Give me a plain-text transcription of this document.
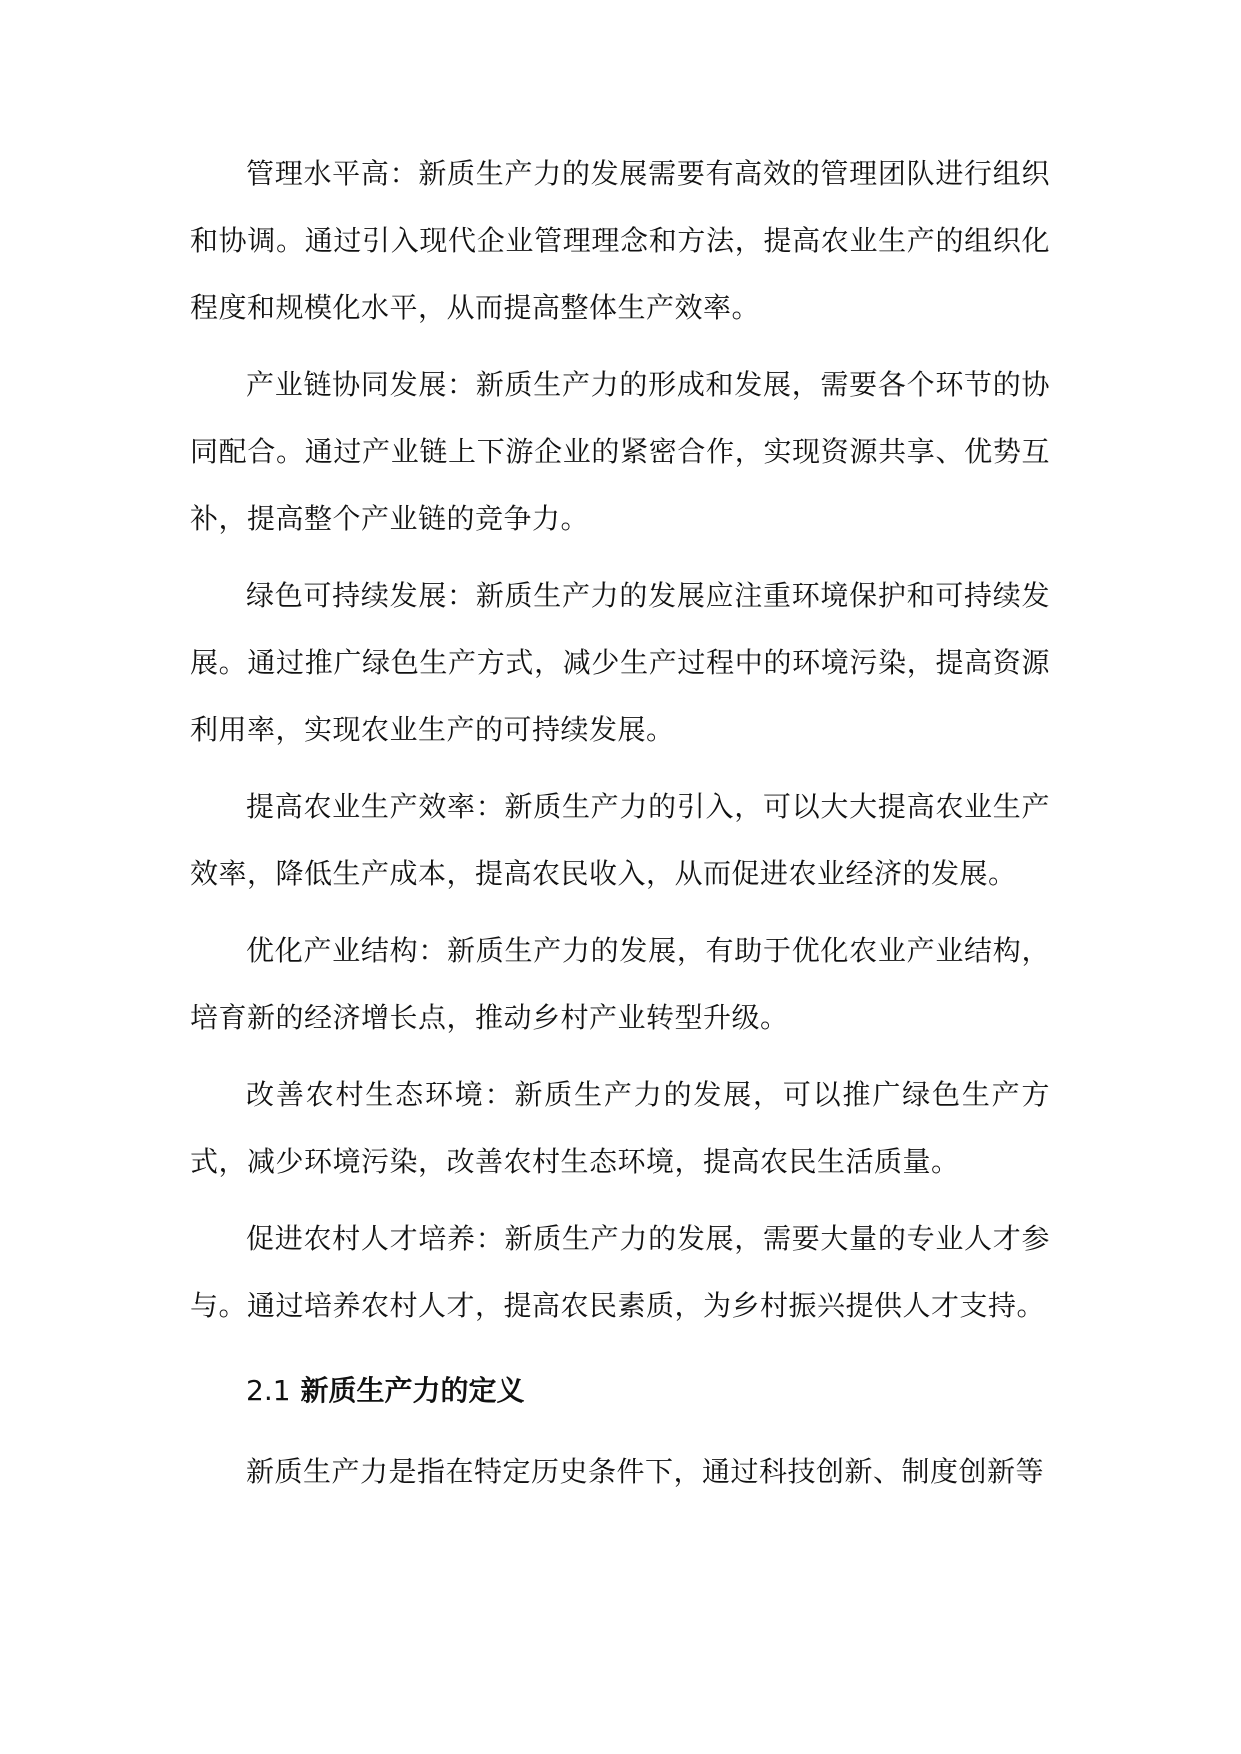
管理水平高：新质生产力的发展需要有高效的管理团队进行组织和协调。通过引入现代企业管理理念和方法，提高农业生产的组织化程度和规模化水平，从而提高整体生产效率。

产业链协同发展：新质生产力的形成和发展，需要各个环节的协同配合。通过产业链上下游企业的紧密合作，实现资源共享、优势互补，提高整个产业链的竞争力。

绿色可持续发展：新质生产力的发展应注重环境保护和可持续发展。通过推广绿色生产方式，减少生产过程中的环境污染，提高资源利用率，实现农业生产的可持续发展。

提高农业生产效率：新质生产力的引入，可以大大提高农业生产效率，降低生产成本，提高农民收入，从而促进农业经济的发展。

优化产业结构：新质生产力的发展，有助于优化农业产业结构，培育新的经济增长点，推动乡村产业转型升级。

改善农村生态环境：新质生产力的发展，可以推广绿色生产方式，减少环境污染，改善农村生态环境，提高农民生活质量。

促进农村人才培养：新质生产力的发展，需要大量的专业人才参与。通过培养农村人才，提高农民素质，为乡村振兴提供人才支持。

2.1 新质生产力的定义

新质生产力是指在特定历史条件下，通过科技创新、制度创新等
